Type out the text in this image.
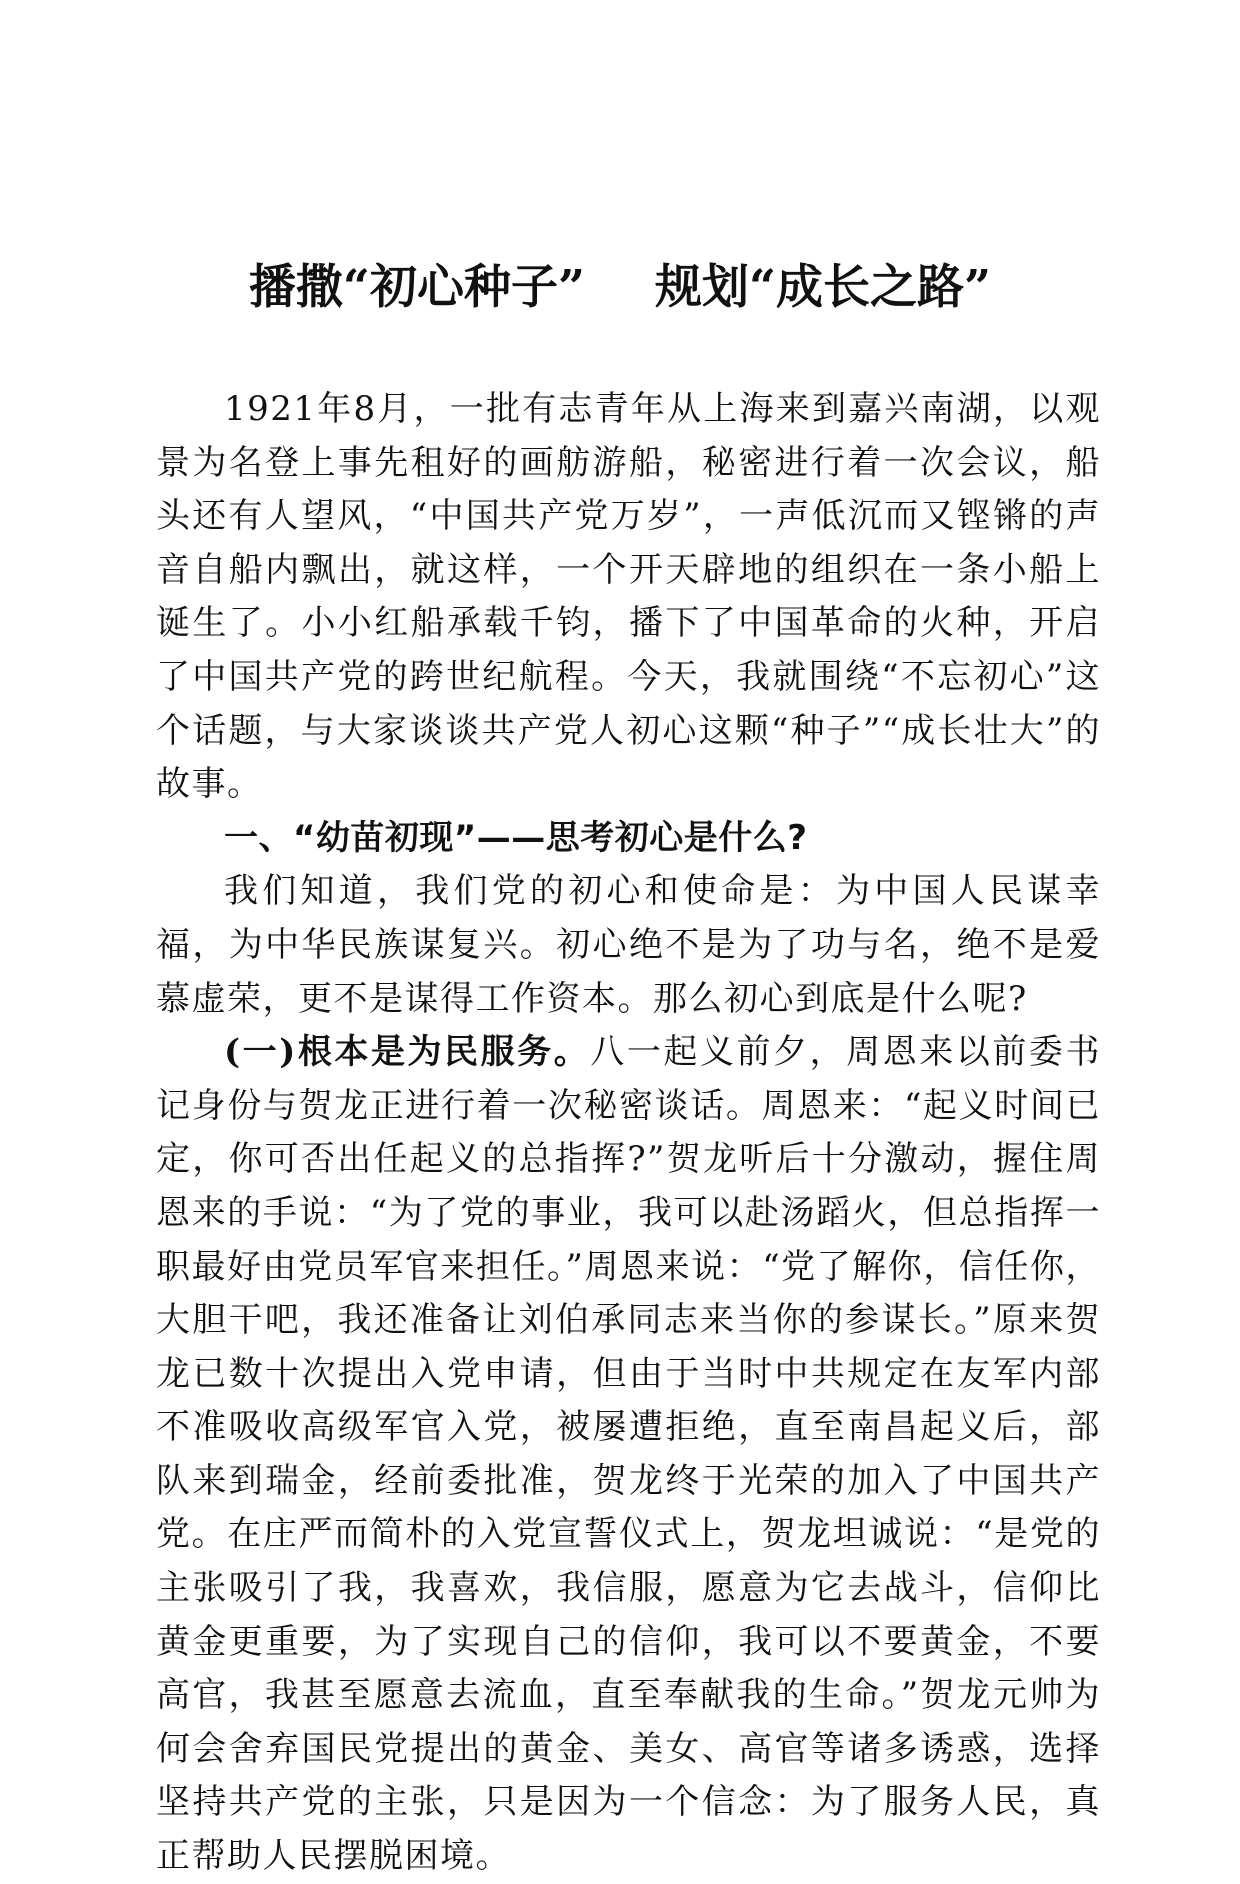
播撒“初心种子” 规划“成长之路”

1921年8月，一批有志青年从上海来到嘉兴南湖，以观景为名登上事先租好的画舫游船，秘密进行着一次会议，船头还有人望风，“中国共产党万岁”，一声低沉而又铿锵的声音自船内飘出，就这样，一个开天辟地的组织在一条小船上诞生了。小小红船承载千钧，播下了中国革命的火种，开启了中国共产党的跨世纪航程。今天，我就围绕“不忘初心”这个话题，与大家谈谈共产党人初心这颗“种子”“成长壮大”的故事。

一、“幼苗初现”——思考初心是什么?

我们知道，我们党的初心和使命是：为中国人民谋幸福，为中华民族谋复兴。初心绝不是为了功与名，绝不是爱慕虚荣，更不是谋得工作资本。那么初心到底是什么呢?

(一)根本是为民服务。八一起义前夕，周恩来以前委书记身份与贺龙正进行着一次秘密谈话。周恩来：“起义时间已定，你可否出任起义的总指挥?”贺龙听后十分激动，握住周恩来的手说：“为了党的事业，我可以赴汤蹈火，但总指挥一职最好由党员军官来担任。”周恩来说：“党了解你，信任你，大胆干吧，我还准备让刘伯承同志来当你的参谋长。”原来贺龙已数十次提出入党申请，但由于当时中共规定在友军内部不准吸收高级军官入党，被屡遭拒绝，直至南昌起义后，部队来到瑞金，经前委批准，贺龙终于光荣的加入了中国共产党。在庄严而简朴的入党宣誓仪式上，贺龙坦诚说：“是党的主张吸引了我，我喜欢，我信服，愿意为它去战斗，信仰比黄金更重要，为了实现自己的信仰，我可以不要黄金，不要高官，我甚至愿意去流血，直至奉献我的生命。”贺龙元帅为何会舍弃国民党提出的黄金、美女、高官等诸多诱惑，选择坚持共产党的主张，只是因为一个信念：为了服务人民，真正帮助人民摆脱困境。
